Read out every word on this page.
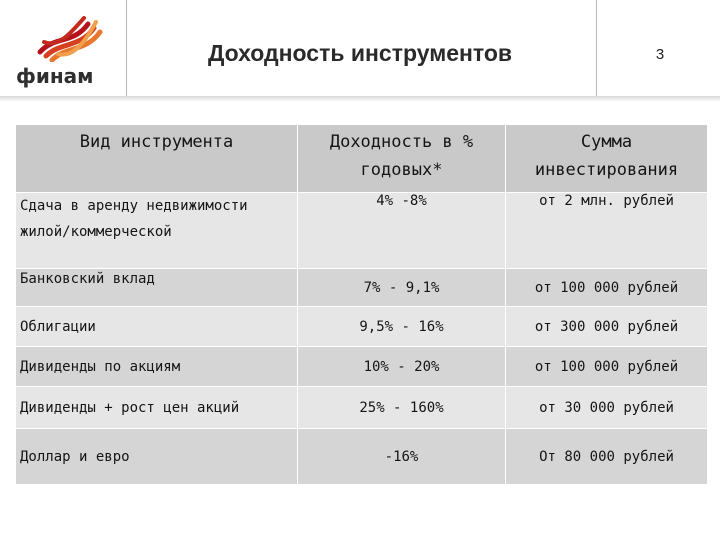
финам
Доходность инструментов	3
Вид инструмента	Доходность в % годовых*	Сумма инвестирования
Сдача в аренду недвижимости жилой/коммерческой	4% -8%	от 2 млн. рублей
Банковский вклад	7% - 9,1%	от 100 000 рублей
Облигации	9,5% - 16%	от 300 000 рублей
Дивиденды по акциям	10% - 20%	от 100 000 рублей
Дивиденды + рост цен акций	25% - 160%	от 30 000 рублей
Доллар и евро	-16%	От 80 000 рублей
